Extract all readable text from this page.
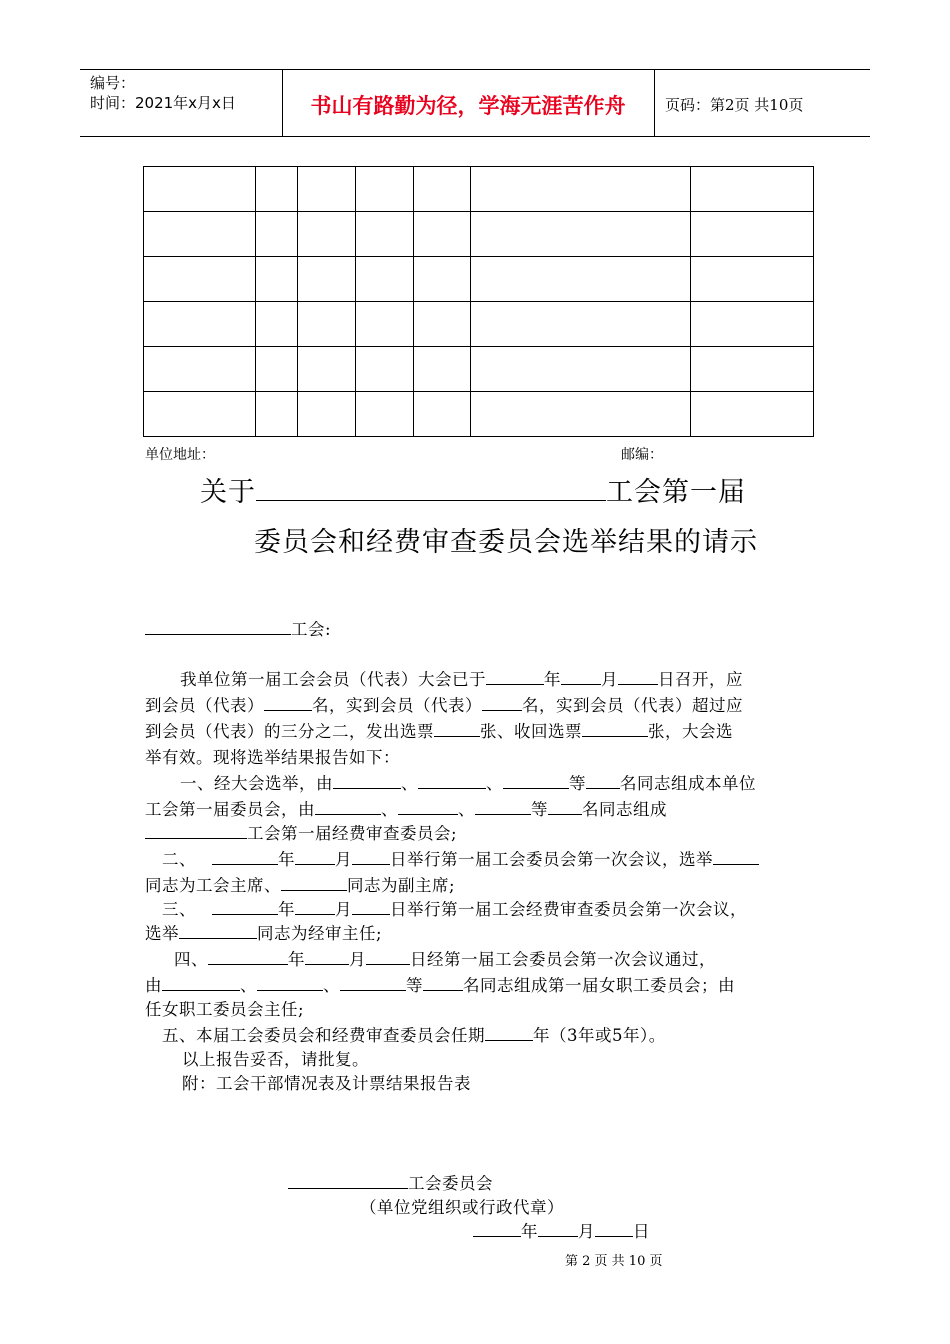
编号：
时间：2021年x月x日	书山有路勤为径，学海无涯苦作舟	页码：第2页 共10页

单位地址：	邮编：
关于	工会第一届
委员会和经费审查委员会选举结果的请示
工会:
我单位第一届工会会员（代表）大会已于	年 月 日召开，应
到会员（代表）	名，实到会员（代表） 名，实到会员（代表）超过应
到会员（代表）的三分之二，发出选票	张、收回选票	张，大会选
举有效。现将选举结果报告如下：
一、经大会选举，由	、	、	等 名同志组成本单位
工会第一届委员会，由	、	、	等 名同志组成
工会第一届经费审查委员会;
二、	年 月 日举行第一届工会委员会第一次会议，选举
同志为工会主席、	同志为副主席;
三、	年 月 日举行第一届工会经费审查委员会第一次会议，
选举	同志为经审主任;
四、	年	月	日经第一届工会委员会第一次会议通过，
由	、	、	等 名同志组成第一届女职工委员会；由
任女职工委员会主任;
五、本届工会委员会和经费审查委员会任期	年（3年或5年）。
以上报告妥否，请批复。
附：工会干部情况表及计票结果报告表
工会委员会
（单位党组织或行政代章）
年 月 日
第 2 页 共 10 页
